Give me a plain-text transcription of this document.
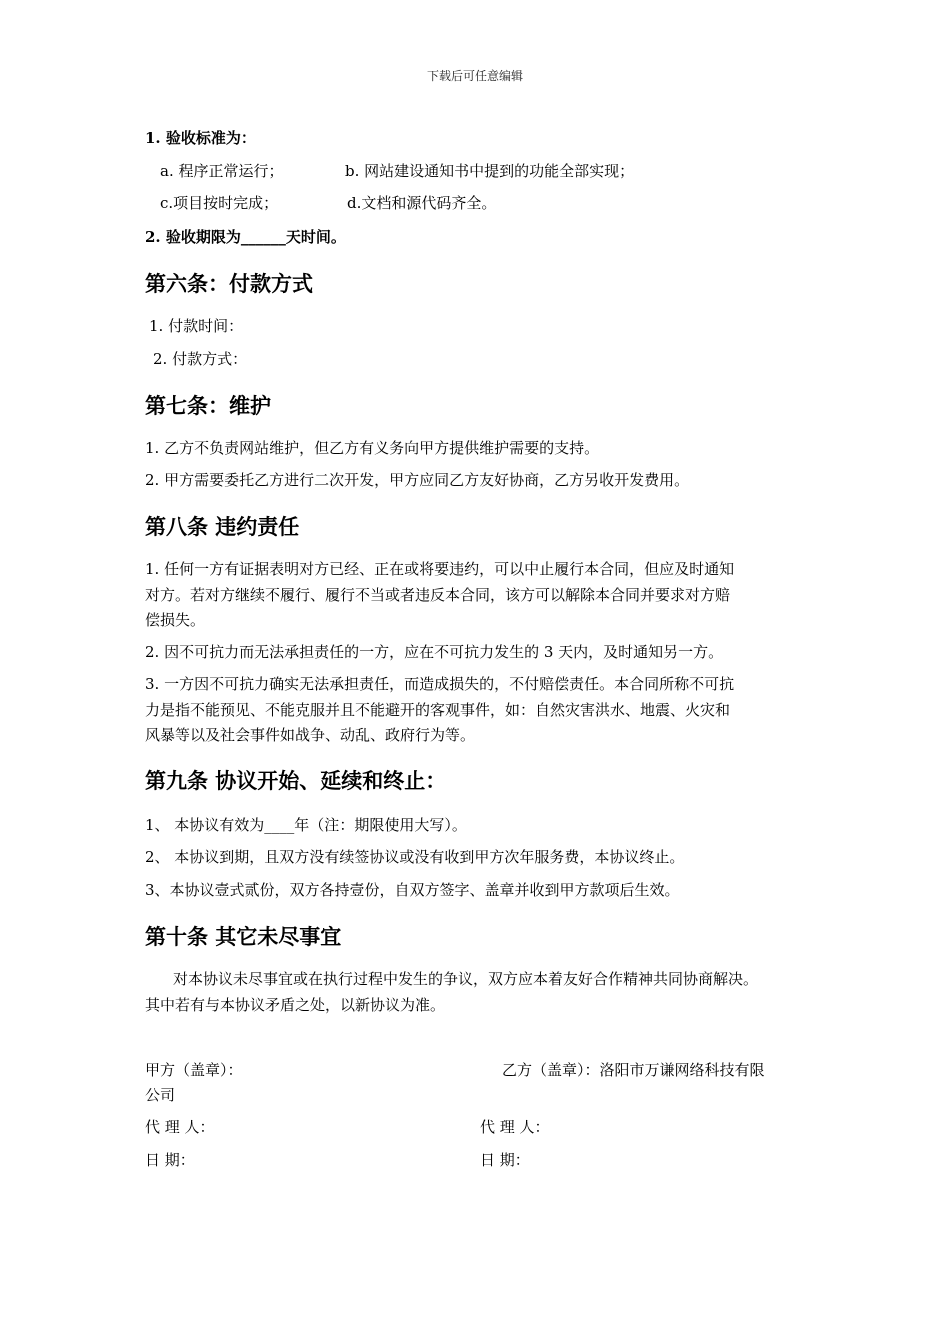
下载后可任意编辑
1. 验收标准为：
a. 程序正常运行；	b. 网站建设通知书中提到的功能全部实现；
c.项目按时完成；	d.文档和源代码齐全。
2. 验收期限为______天时间。
第六条：付款方式
1. 付款时间：
2. 付款方式：
第七条：维护
1. 乙方不负责网站维护，但乙方有义务向甲方提供维护需要的支持。
2. 甲方需要委托乙方进行二次开发，甲方应同乙方友好协商，乙方另收开发费用。
第八条 违约责任
1. 任何一方有证据表明对方已经、正在或将要违约，可以中止履行本合同，但应及时通知
对方。若对方继续不履行、履行不当或者违反本合同，该方可以解除本合同并要求对方赔
偿损失。
2. 因不可抗力而无法承担责任的一方，应在不可抗力发生的 3 天内，及时通知另一方。
3. 一方因不可抗力确实无法承担责任，而造成损失的，不付赔偿责任。本合同所称不可抗
力是指不能预见、不能克服并且不能避开的客观事件，如：自然灾害洪水、地震、火灾和
风暴等以及社会事件如战争、动乱、政府行为等。
第九条 协议开始、延续和终止：
1、 本协议有效为____年（注：期限使用大写）。
2、 本协议到期，且双方没有续签协议或没有收到甲方次年服务费，本协议终止。
3、本协议壹式贰份，双方各持壹份，自双方签字、盖章并收到甲方款项后生效。
第十条 其它未尽事宜
对本协议未尽事宜或在执行过程中发生的争议，双方应本着友好合作精神共同协商解决。
其中若有与本协议矛盾之处，以新协议为准。
甲方（盖章）：	乙方（盖章）：洛阳市万谦网络科技有限
公司
代 理 人：	代 理 人：
日 期：	日 期：
